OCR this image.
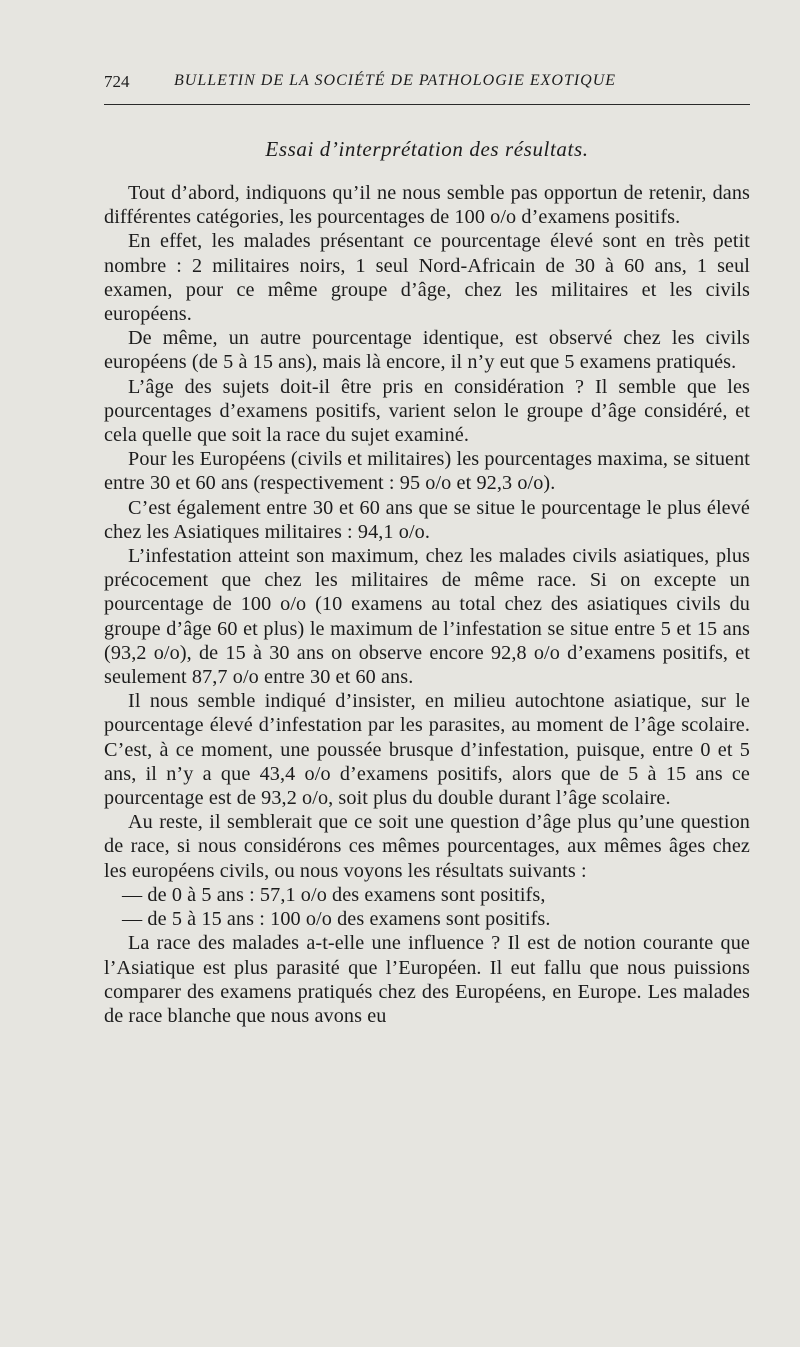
724	BULLETIN DE LA SOCIÉTÉ DE PATHOLOGIE EXOTIQUE
Essai d’interprétation des résultats.

Tout d’abord, indiquons qu’il ne nous semble pas opportun de retenir, dans différentes catégories, les pourcentages de 100 o/o d’examens positifs.

En effet, les malades présentant ce pourcentage élevé sont en très petit nombre : 2 militaires noirs, 1 seul Nord-Africain de 30 à 60 ans, 1 seul examen, pour ce même groupe d’âge, chez les militaires et les civils européens.

De même, un autre pourcentage identique, est observé chez les civils européens (de 5 à 15 ans), mais là encore, il n’y eut que 5 examens pratiqués.

L’âge des sujets doit-il être pris en considération ? Il semble que les pourcentages d’examens positifs, varient selon le groupe d’âge considéré, et cela quelle que soit la race du sujet examiné.

Pour les Européens (civils et militaires) les pourcentages maxima, se situent entre 30 et 60 ans (respectivement : 95 o/o et 92,3 o/o).

C’est également entre 30 et 60 ans que se situe le pourcentage le plus élevé chez les Asiatiques militaires : 94,1 o/o.

L’infestation atteint son maximum, chez les malades civils asiatiques, plus précocement que chez les militaires de même race. Si on excepte un pourcentage de 100 o/o (10 examens au total chez des asiatiques civils du groupe d’âge 60 et plus) le maximum de l’infestation se situe entre 5 et 15 ans (93,2 o/o), de 15 à 30 ans on observe encore 92,8 o/o d’examens positifs, et seulement 87,7 o/o entre 30 et 60 ans.

Il nous semble indiqué d’insister, en milieu autochtone asiatique, sur le pourcentage élevé d’infestation par les parasites, au moment de l’âge scolaire. C’est, à ce moment, une poussée brusque d’infestation, puisque, entre 0 et 5 ans, il n’y a que 43,4 o/o d’examens positifs, alors que de 5 à 15 ans ce pourcentage est de 93,2 o/o, soit plus du double durant l’âge scolaire.

Au reste, il semblerait que ce soit une question d’âge plus qu’une question de race, si nous considérons ces mêmes pourcentages, aux mêmes âges chez les européens civils, ou nous voyons les résultats suivants :

— de 0 à 5 ans : 57,1 o/o des examens sont positifs,

— de 5 à 15 ans : 100 o/o des examens sont positifs.

La race des malades a-t-elle une influence ? Il est de notion courante que l’Asiatique est plus parasité que l’Européen. Il eut fallu que nous puissions comparer des examens pratiqués chez des Européens, en Europe. Les malades de race blanche que nous avons eu
